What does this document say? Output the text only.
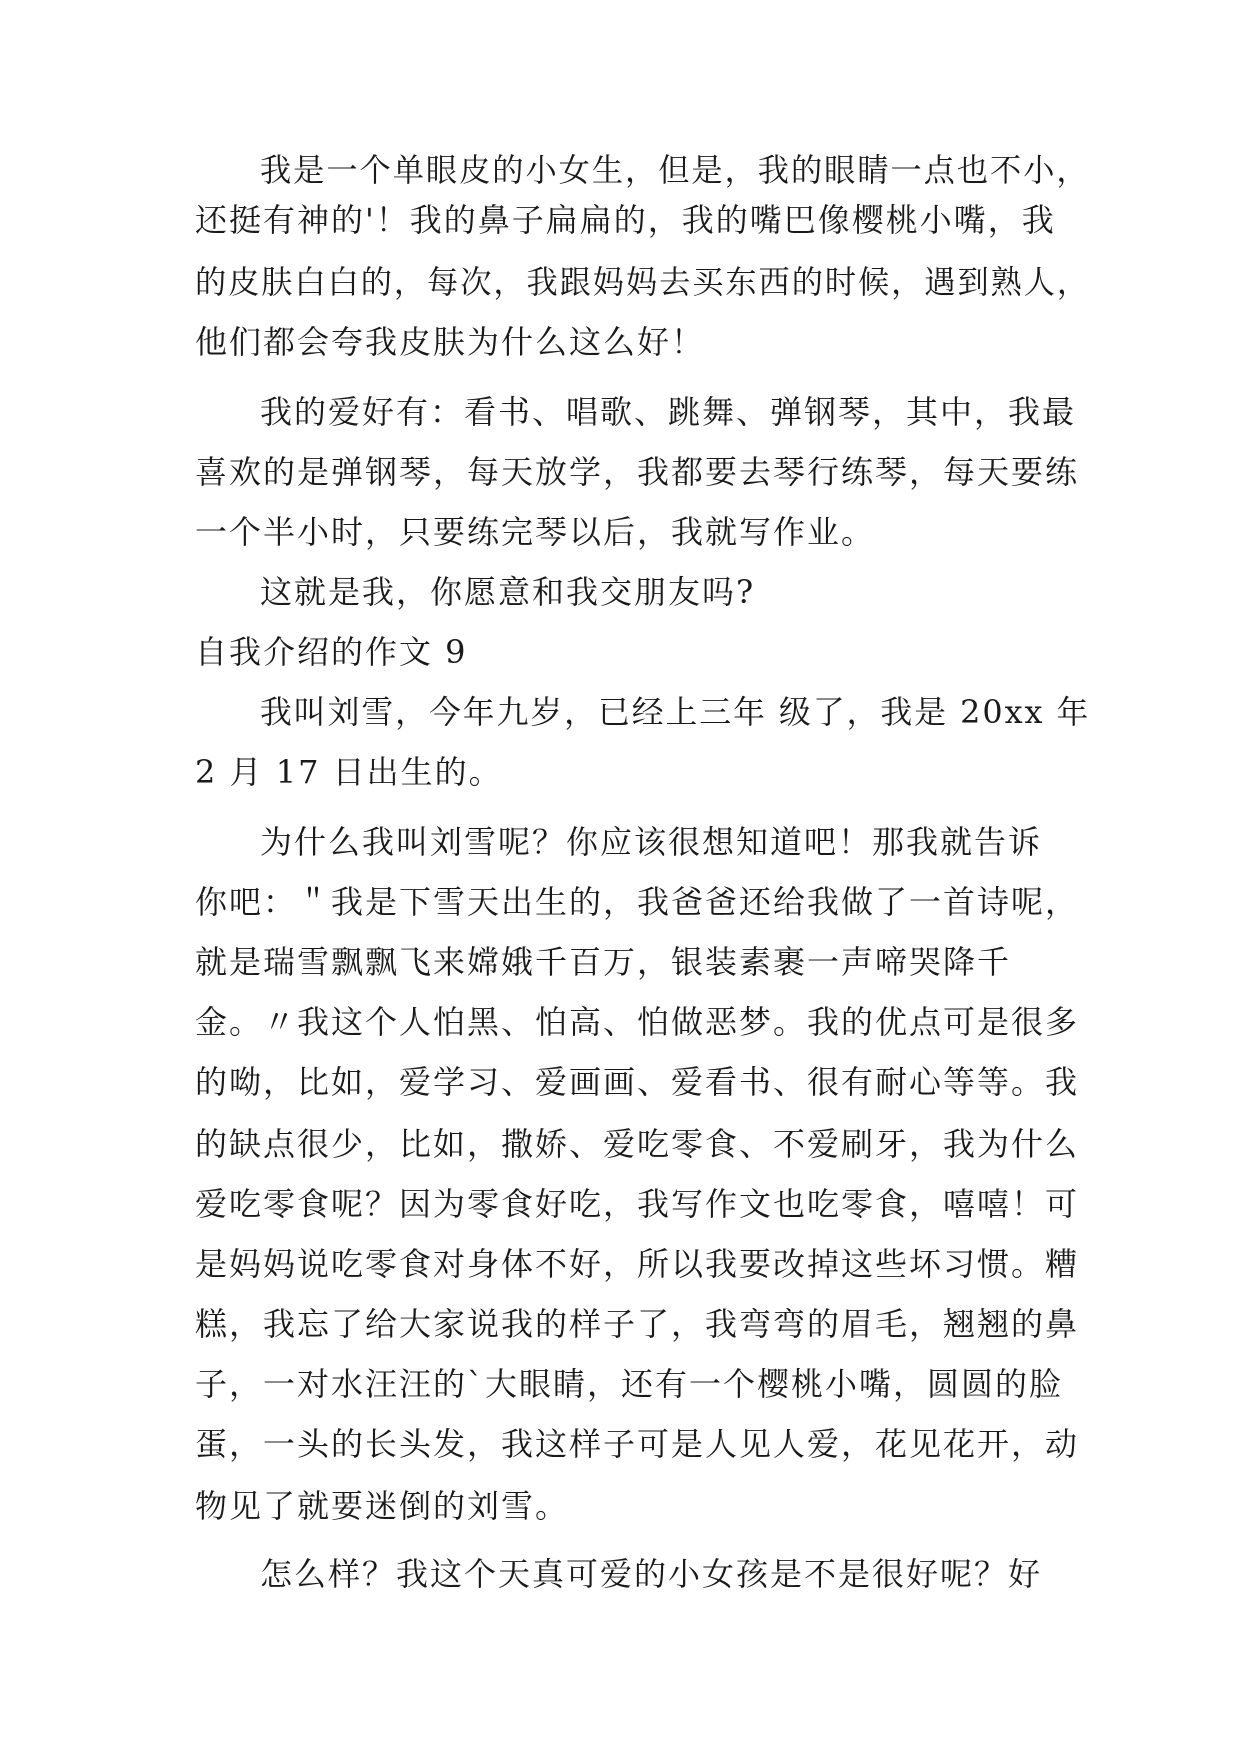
我是一个单眼皮的小女生，但是，我的眼睛一点也不小，
还挺有神的'！我的鼻子扁扁的，我的嘴巴像樱桃小嘴，我
的皮肤白白的，每次，我跟妈妈去买东西的时候，遇到熟人，
他们都会夸我皮肤为什么这么好！
我的爱好有：看书、唱歌、跳舞、弹钢琴，其中，我最
喜欢的是弹钢琴，每天放学，我都要去琴行练琴，每天要练
一个半小时，只要练完琴以后，我就写作业。
这就是我，你愿意和我交朋友吗?
自我介绍的作文 9
我叫刘雪，今年九岁，已经上三年 级了，我是 20xx 年
2 月 17 日出生的。
为什么我叫刘雪呢？你应该很想知道吧！那我就告诉
你吧：＂我是下雪天出生的，我爸爸还给我做了一首诗呢，
就是瑞雪飘飘飞来嫦娥千百万，银装素裹一声啼哭降千
金。〃我这个人怕黑、怕高、怕做恶梦。我的优点可是很多
的呦，比如，爱学习、爱画画、爱看书、很有耐心等等。我
的缺点很少，比如，撒娇、爱吃零食、不爱刷牙，我为什么
爱吃零食呢？因为零食好吃，我写作文也吃零食，嘻嘻！可
是妈妈说吃零食对身体不好，所以我要改掉这些坏习惯。糟
糕，我忘了给大家说我的样子了，我弯弯的眉毛，翘翘的鼻
子，一对水汪汪的`大眼睛，还有一个樱桃小嘴，圆圆的脸
蛋，一头的长头发，我这样子可是人见人爱，花见花开，动
物见了就要迷倒的刘雪。
怎么样？我这个天真可爱的小女孩是不是很好呢？好
